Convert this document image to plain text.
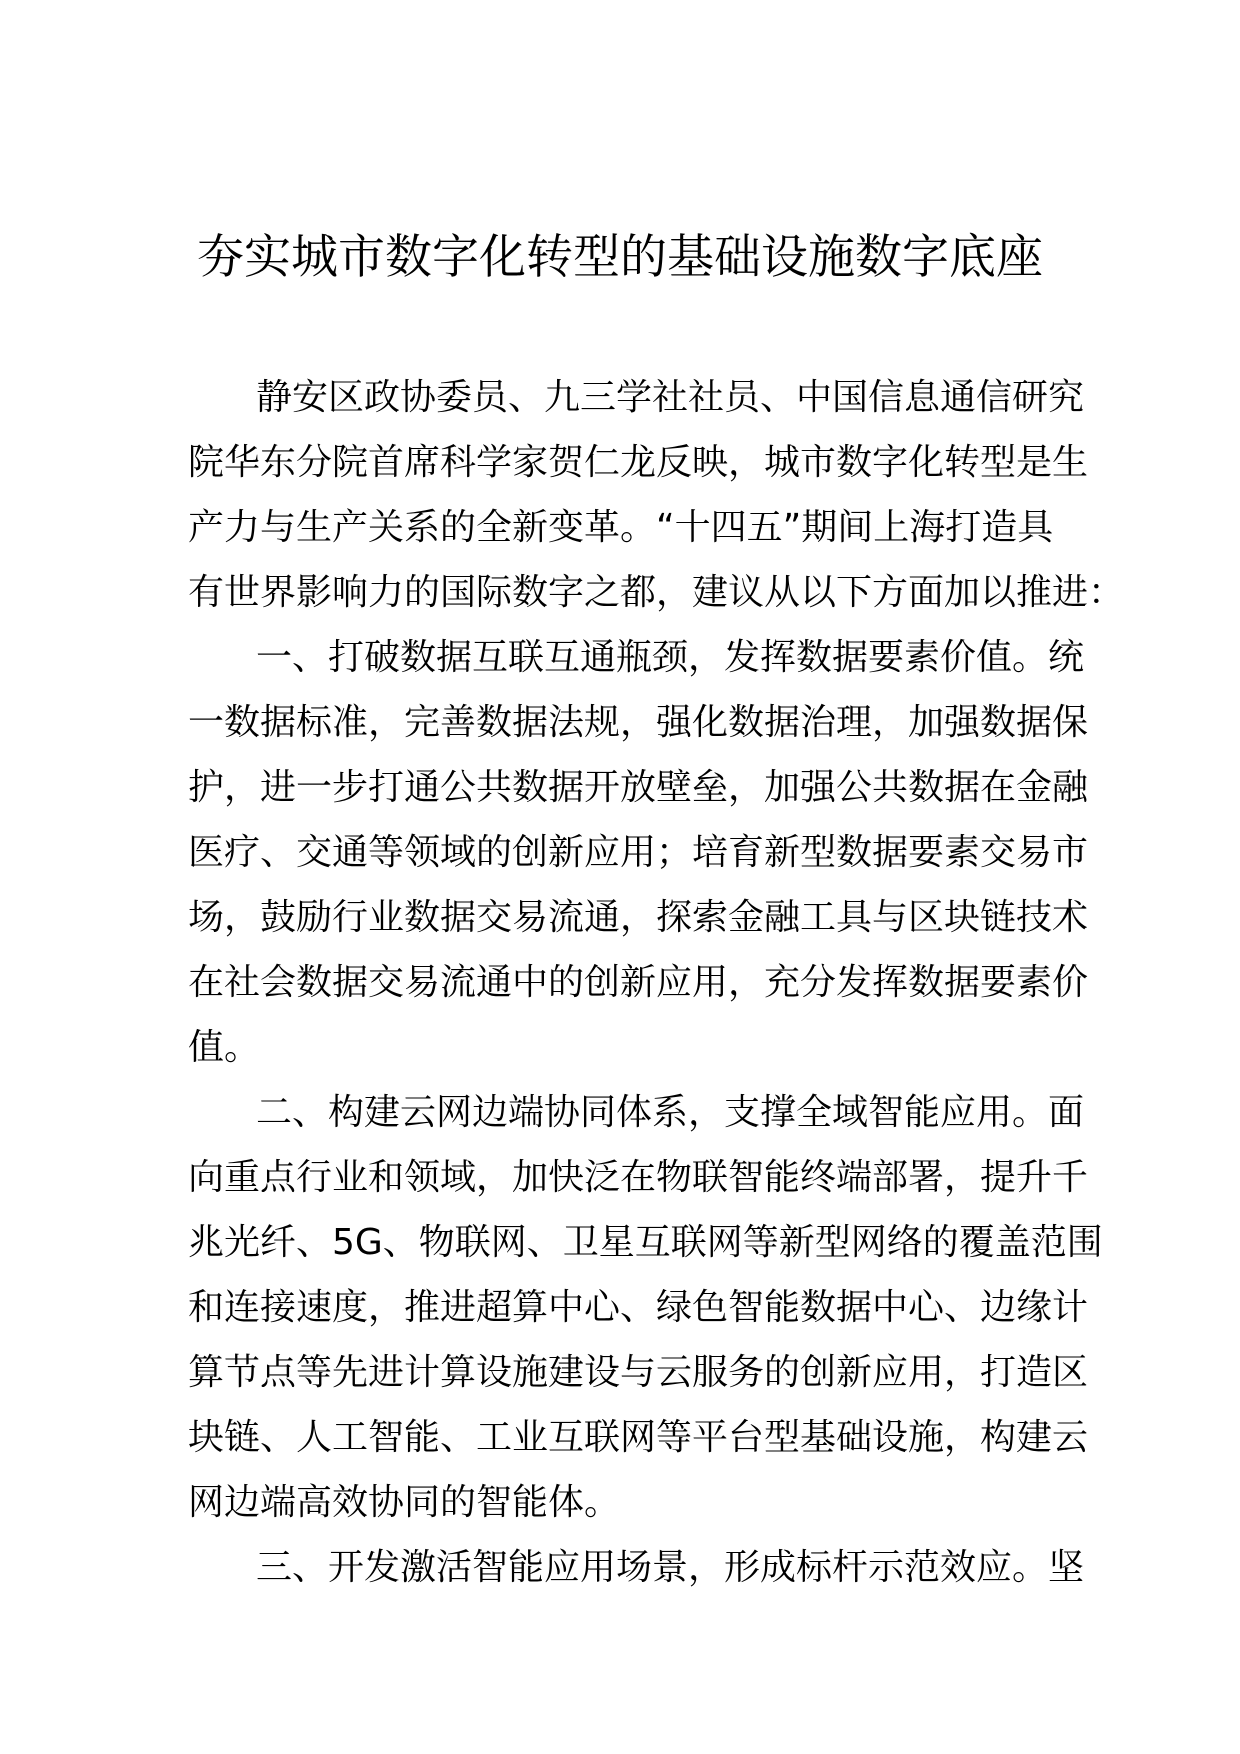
夯实城市数字化转型的基础设施数字底座
静安区政协委员、九三学社社员、中国信息通信研究
院华东分院首席科学家贺仁龙反映，城市数字化转型是生
产力与生产关系的全新变革。“十四五”期间上海打造具
有世界影响力的国际数字之都，建议从以下方面加以推进：
一、打破数据互联互通瓶颈，发挥数据要素价值。统
一数据标准，完善数据法规，强化数据治理，加强数据保
护，进一步打通公共数据开放壁垒，加强公共数据在金融
医疗、交通等领域的创新应用；培育新型数据要素交易市
场，鼓励行业数据交易流通，探索金融工具与区块链技术
在社会数据交易流通中的创新应用，充分发挥数据要素价
值。
二、构建云网边端协同体系，支撑全域智能应用。面
向重点行业和领域，加快泛在物联智能终端部署，提升千
兆光纤、5G、物联网、卫星互联网等新型网络的覆盖范围
和连接速度，推进超算中心、绿色智能数据中心、边缘计
算节点等先进计算设施建设与云服务的创新应用，打造区
块链、人工智能、工业互联网等平台型基础设施，构建云
网边端高效协同的智能体。
三、开发激活智能应用场景，形成标杆示范效应。坚
